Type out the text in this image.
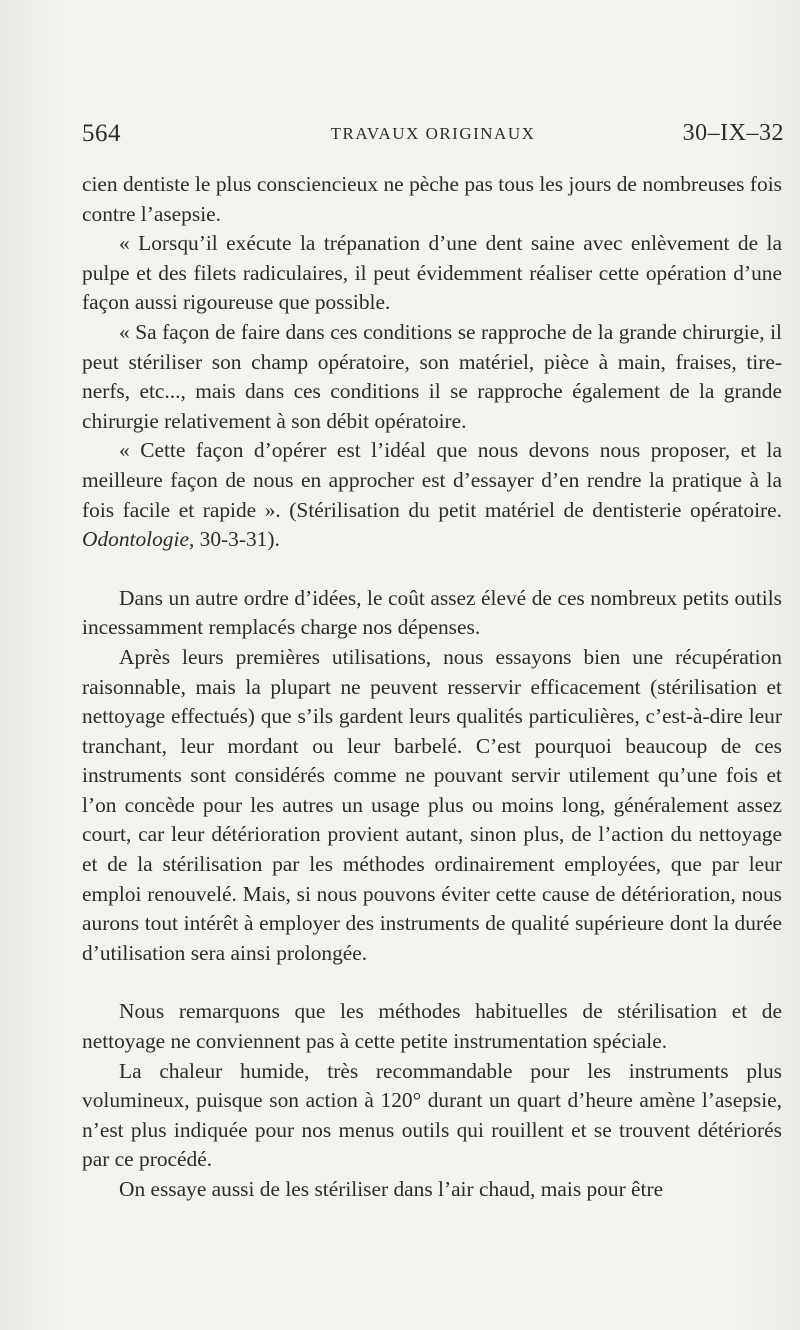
564	TRAVAUX ORIGINAUX	30–IX–32

cien dentiste le plus consciencieux ne pèche pas tous les jours de nombreuses fois contre l’asepsie.

« Lorsqu’il exécute la trépanation d’une dent saine avec enlèvement de la pulpe et des filets radiculaires, il peut évidemment réaliser cette opération d’une façon aussi rigoureuse que possible.

« Sa façon de faire dans ces conditions se rapproche de la grande chirurgie, il peut stériliser son champ opératoire, son matériel, pièce à main, fraises, tire-nerfs, etc..., mais dans ces conditions il se rapproche également de la grande chirurgie relativement à son débit opératoire.

« Cette façon d’opérer est l’idéal que nous devons nous proposer, et la meilleure façon de nous en approcher est d’essayer d’en rendre la pratique à la fois facile et rapide ». (Stérilisation du petit matériel de dentisterie opératoire. Odontologie, 30-3-31).

Dans un autre ordre d’idées, le coût assez élevé de ces nombreux petits outils incessamment remplacés charge nos dépenses.

Après leurs premières utilisations, nous essayons bien une récupération raisonnable, mais la plupart ne peuvent resservir efficacement (stérilisation et nettoyage effectués) que s’ils gardent leurs qualités particulières, c’est-à-dire leur tranchant, leur mordant ou leur barbelé. C’est pourquoi beaucoup de ces instruments sont considérés comme ne pouvant servir utilement qu’une fois et l’on concède pour les autres un usage plus ou moins long, généralement assez court, car leur détérioration provient autant, sinon plus, de l’action du nettoyage et de la stérilisation par les méthodes ordinairement employées, que par leur emploi renouvelé. Mais, si nous pouvons éviter cette cause de détérioration, nous aurons tout intérêt à employer des instruments de qualité supérieure dont la durée d’utilisation sera ainsi prolongée.

Nous remarquons que les méthodes habituelles de stérilisation et de nettoyage ne conviennent pas à cette petite instrumentation spéciale.

La chaleur humide, très recommandable pour les instruments plus volumineux, puisque son action à 120° durant un quart d’heure amène l’asepsie, n’est plus indiquée pour nos menus outils qui rouillent et se trouvent détériorés par ce procédé.

On essaye aussi de les stériliser dans l’air chaud, mais pour être
